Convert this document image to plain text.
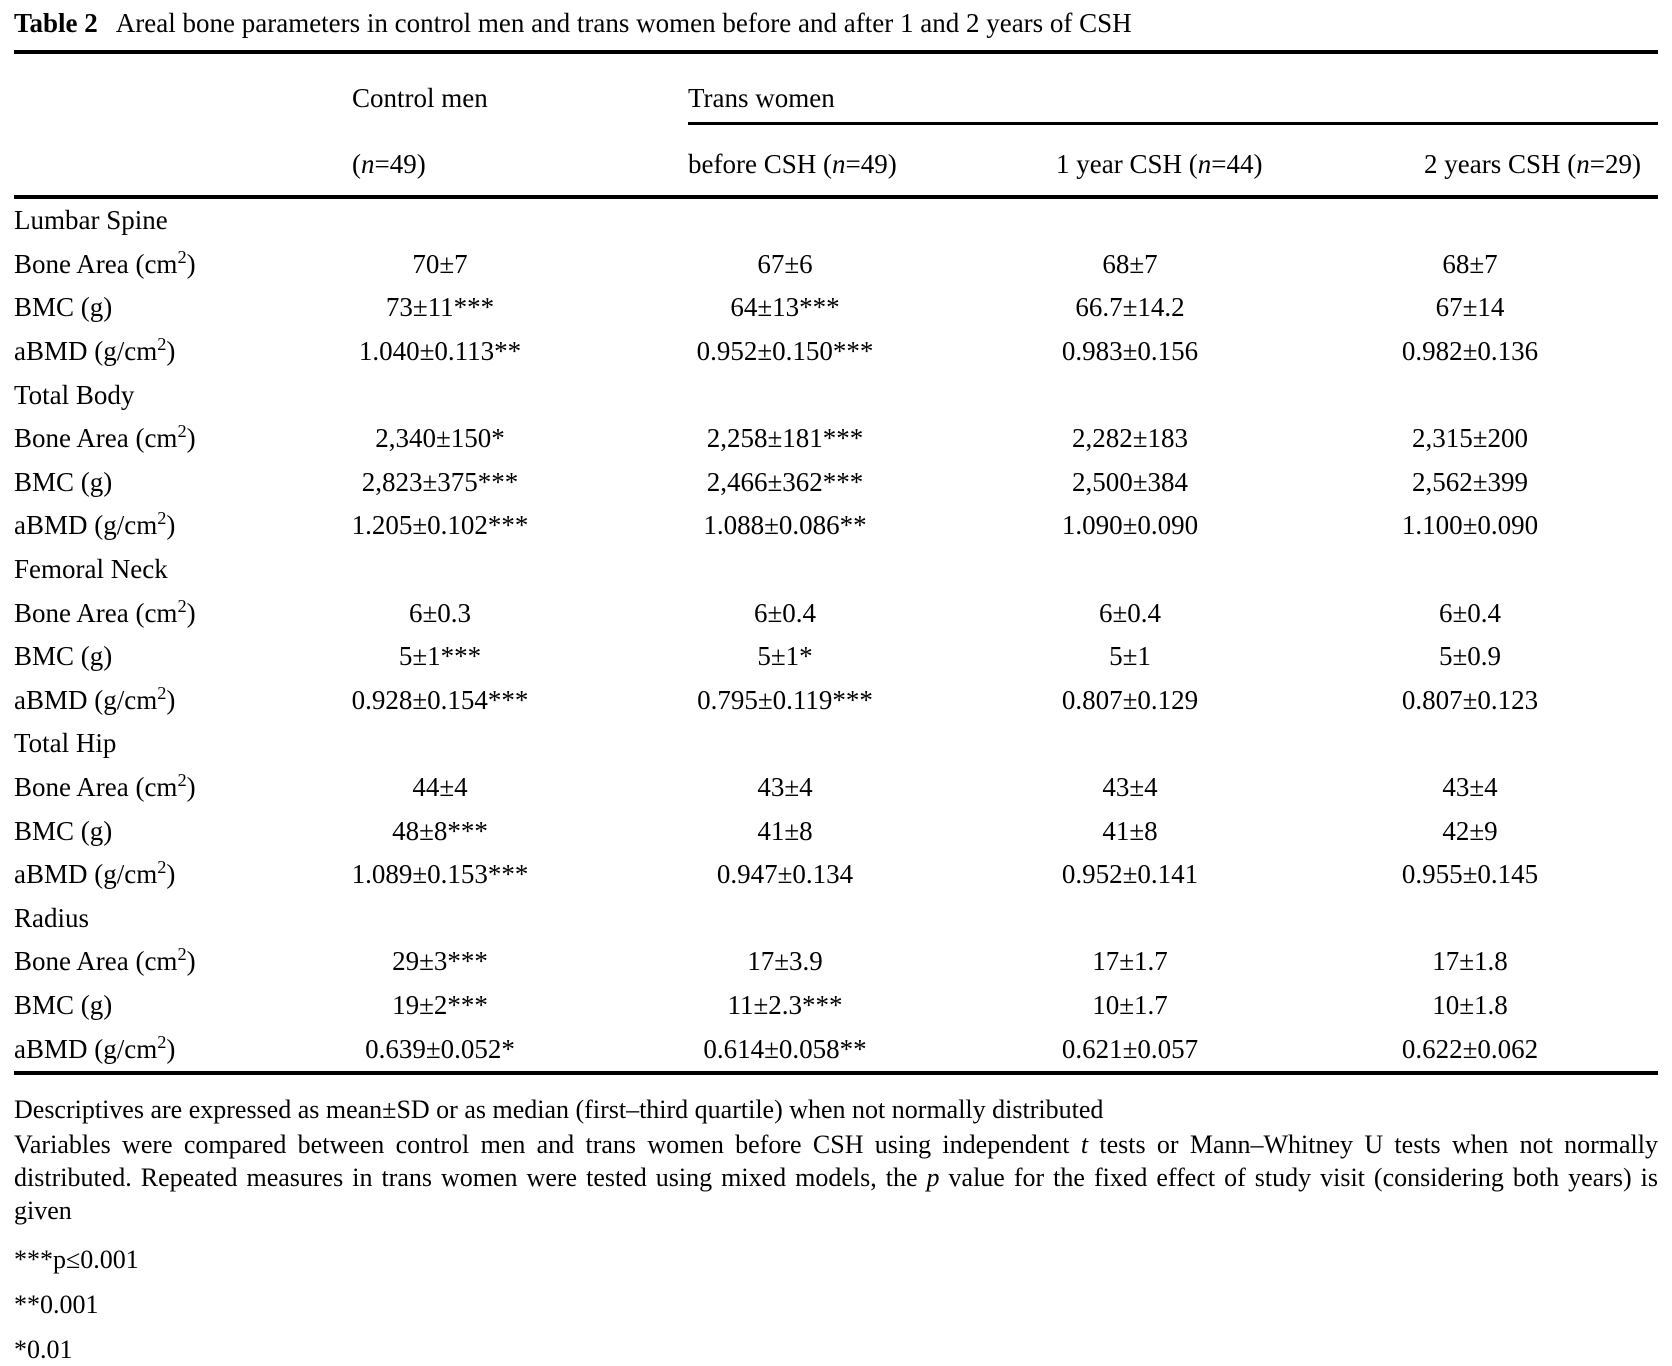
Table 2 Areal bone parameters in control men and trans women before and after 1 and 2 years of CSH
	Control men	Trans women		

	(n=49)	before CSH (n=49)	1 year CSH (n=44)	2 years CSH (n=29)
Lumbar Spine				
Bone Area $(cm^2)$	70±7	67±6	68±7	68±7
BMC (g)	73±11***	64±13***	66.7±14.2	67±14
aBMD $(g/cm^2)$	1.040±0.113**	0.952±0.150***	0.983±0.156	0.982±0.136
Total Body				
Bone Area $(cm^2)$	2,340±150*	2,258±181***	2,282±183	2,315±200
BMC (g)	2,823±375***	2,466±362***	2,500±384	2,562±399
aBMD $(g/cm^2)$	1.205±0.102***	1.088±0.086**	1.090±0.090	1.100±0.090
Femoral Neck				
Bone Area $(cm^2)$	6±0.3	6±0.4	6±0.4	6±0.4
BMC (g)	5±1***	5±1*	5±1	5±0.9
aBMD $(g/cm^2)$	0.928±0.154***	0.795±0.119***	0.807±0.129	0.807±0.123
Total Hip				
Bone Area $(cm^2)$	44±4	43±4	43±4	43±4
BMC (g)	48±8***	41±8	41±8	42±9
aBMD $(g/cm^2)$	1.089±0.153***	0.947±0.134	0.952±0.141	0.955±0.145
Radius				
Bone Area $(cm^2)$	29±3***	17±3.9	17±1.7	17±1.8
BMC (g)	19±2***	11±2.3***	10±1.7	10±1.8
aBMD $(g/cm^2)$	0.639±0.052*	0.614±0.058**	0.621±0.057	0.622±0.062

Descriptives are expressed as mean±SD or as median (first–third quartile) when not normally distributed

Variables were compared between control men and trans women before CSH using independent t tests or Mann–Whitney U tests when not normally distributed. Repeated measures in trans women were tested using mixed models, the p value for the fixed effect of study visit (considering both years) is given

***p≤0.001

**0.001

*0.01
